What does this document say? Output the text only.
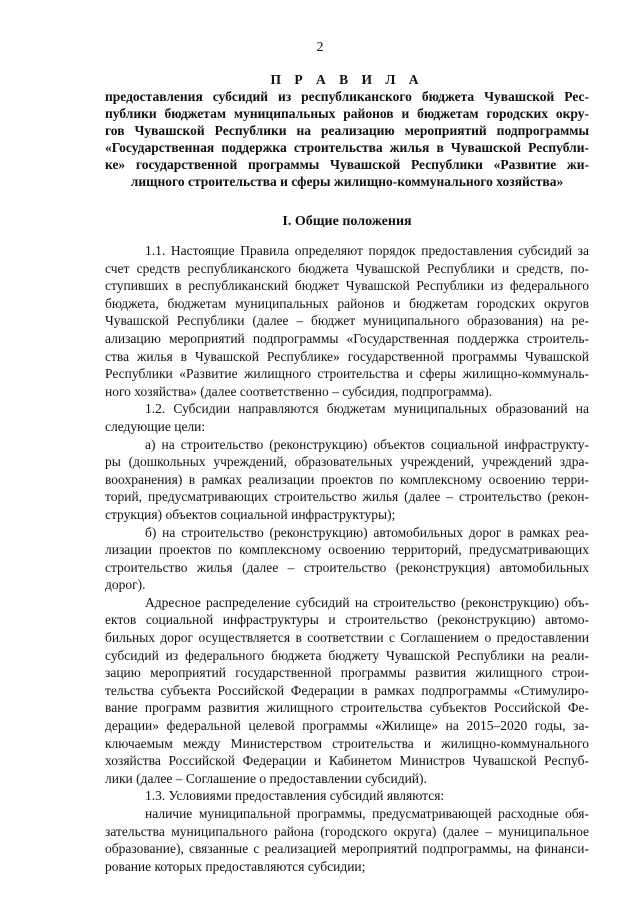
2
П Р А В И Л А
предоставления субсидий из республиканского бюджета Чувашской Рес-
публики бюджетам муниципальных районов и бюджетам городских окру-
гов Чувашской Республики на реализацию мероприятий подпрограммы
«Государственная поддержка строительства жилья в Чувашской Республи-
ке» государственной программы Чувашской Республики «Развитие жи-
лищного строительства и сферы жилищно-коммунального хозяйства»
I. Общие положения
1.1. Настоящие Правила определяют порядок предоставления субсидий за
счет средств республиканского бюджета Чувашской Республики и средств, по-
ступивших в республиканский бюджет Чувашской Республики из федерального
бюджета, бюджетам муниципальных районов и бюджетам городских округов
Чувашской Республики (далее – бюджет муниципального образования) на ре-
ализацию мероприятий подпрограммы «Государственная поддержка строитель-
ства жилья в Чувашской Республике» государственной программы Чувашской
Республики «Развитие жилищного строительства и сферы жилищно-коммуналь-
ного хозяйства» (далее соответственно – субсидия, подпрограмма).
1.2. Субсидии направляются бюджетам муниципальных образований на
следующие цели:
а) на строительство (реконструкцию) объектов социальной инфраструкту-
ры (дошкольных учреждений, образовательных учреждений, учреждений здра-
воохранения) в рамках реализации проектов по комплексному освоению терри-
торий, предусматривающих строительство жилья (далее – строительство (рекон-
струкция) объектов социальной инфраструктуры);
б) на строительство (реконструкцию) автомобильных дорог в рамках реа-
лизации проектов по комплексному освоению территорий, предусматривающих
строительство жилья (далее – строительство (реконструкция) автомобильных
дорог).
Адресное распределение субсидий на строительство (реконструкцию) объ-
ектов социальной инфраструктуры и строительство (реконструкцию) автомо-
бильных дорог осуществляется в соответствии с Соглашением о предоставлении
субсидий из федерального бюджета бюджету Чувашской Республики на реали-
зацию мероприятий государственной программы развития жилищного строи-
тельства субъекта Российской Федерации в рамках подпрограммы «Стимулиро-
вание программ развития жилищного строительства субъектов Российской Фе-
дерации» федеральной целевой программы «Жилище» на 2015–2020 годы, за-
ключаемым между Министерством строительства и жилищно-коммунального
хозяйства Российской Федерации и Кабинетом Министров Чувашской Респуб-
лики (далее – Соглашение о предоставлении субсидий).
1.3. Условиями предоставления субсидий являются:
наличие муниципальной программы, предусматривающей расходные обя-
зательства муниципального района (городского округа) (далее – муниципальное
образование), связанные с реализацией мероприятий подпрограммы, на финанси-
рование которых предоставляются субсидии;
